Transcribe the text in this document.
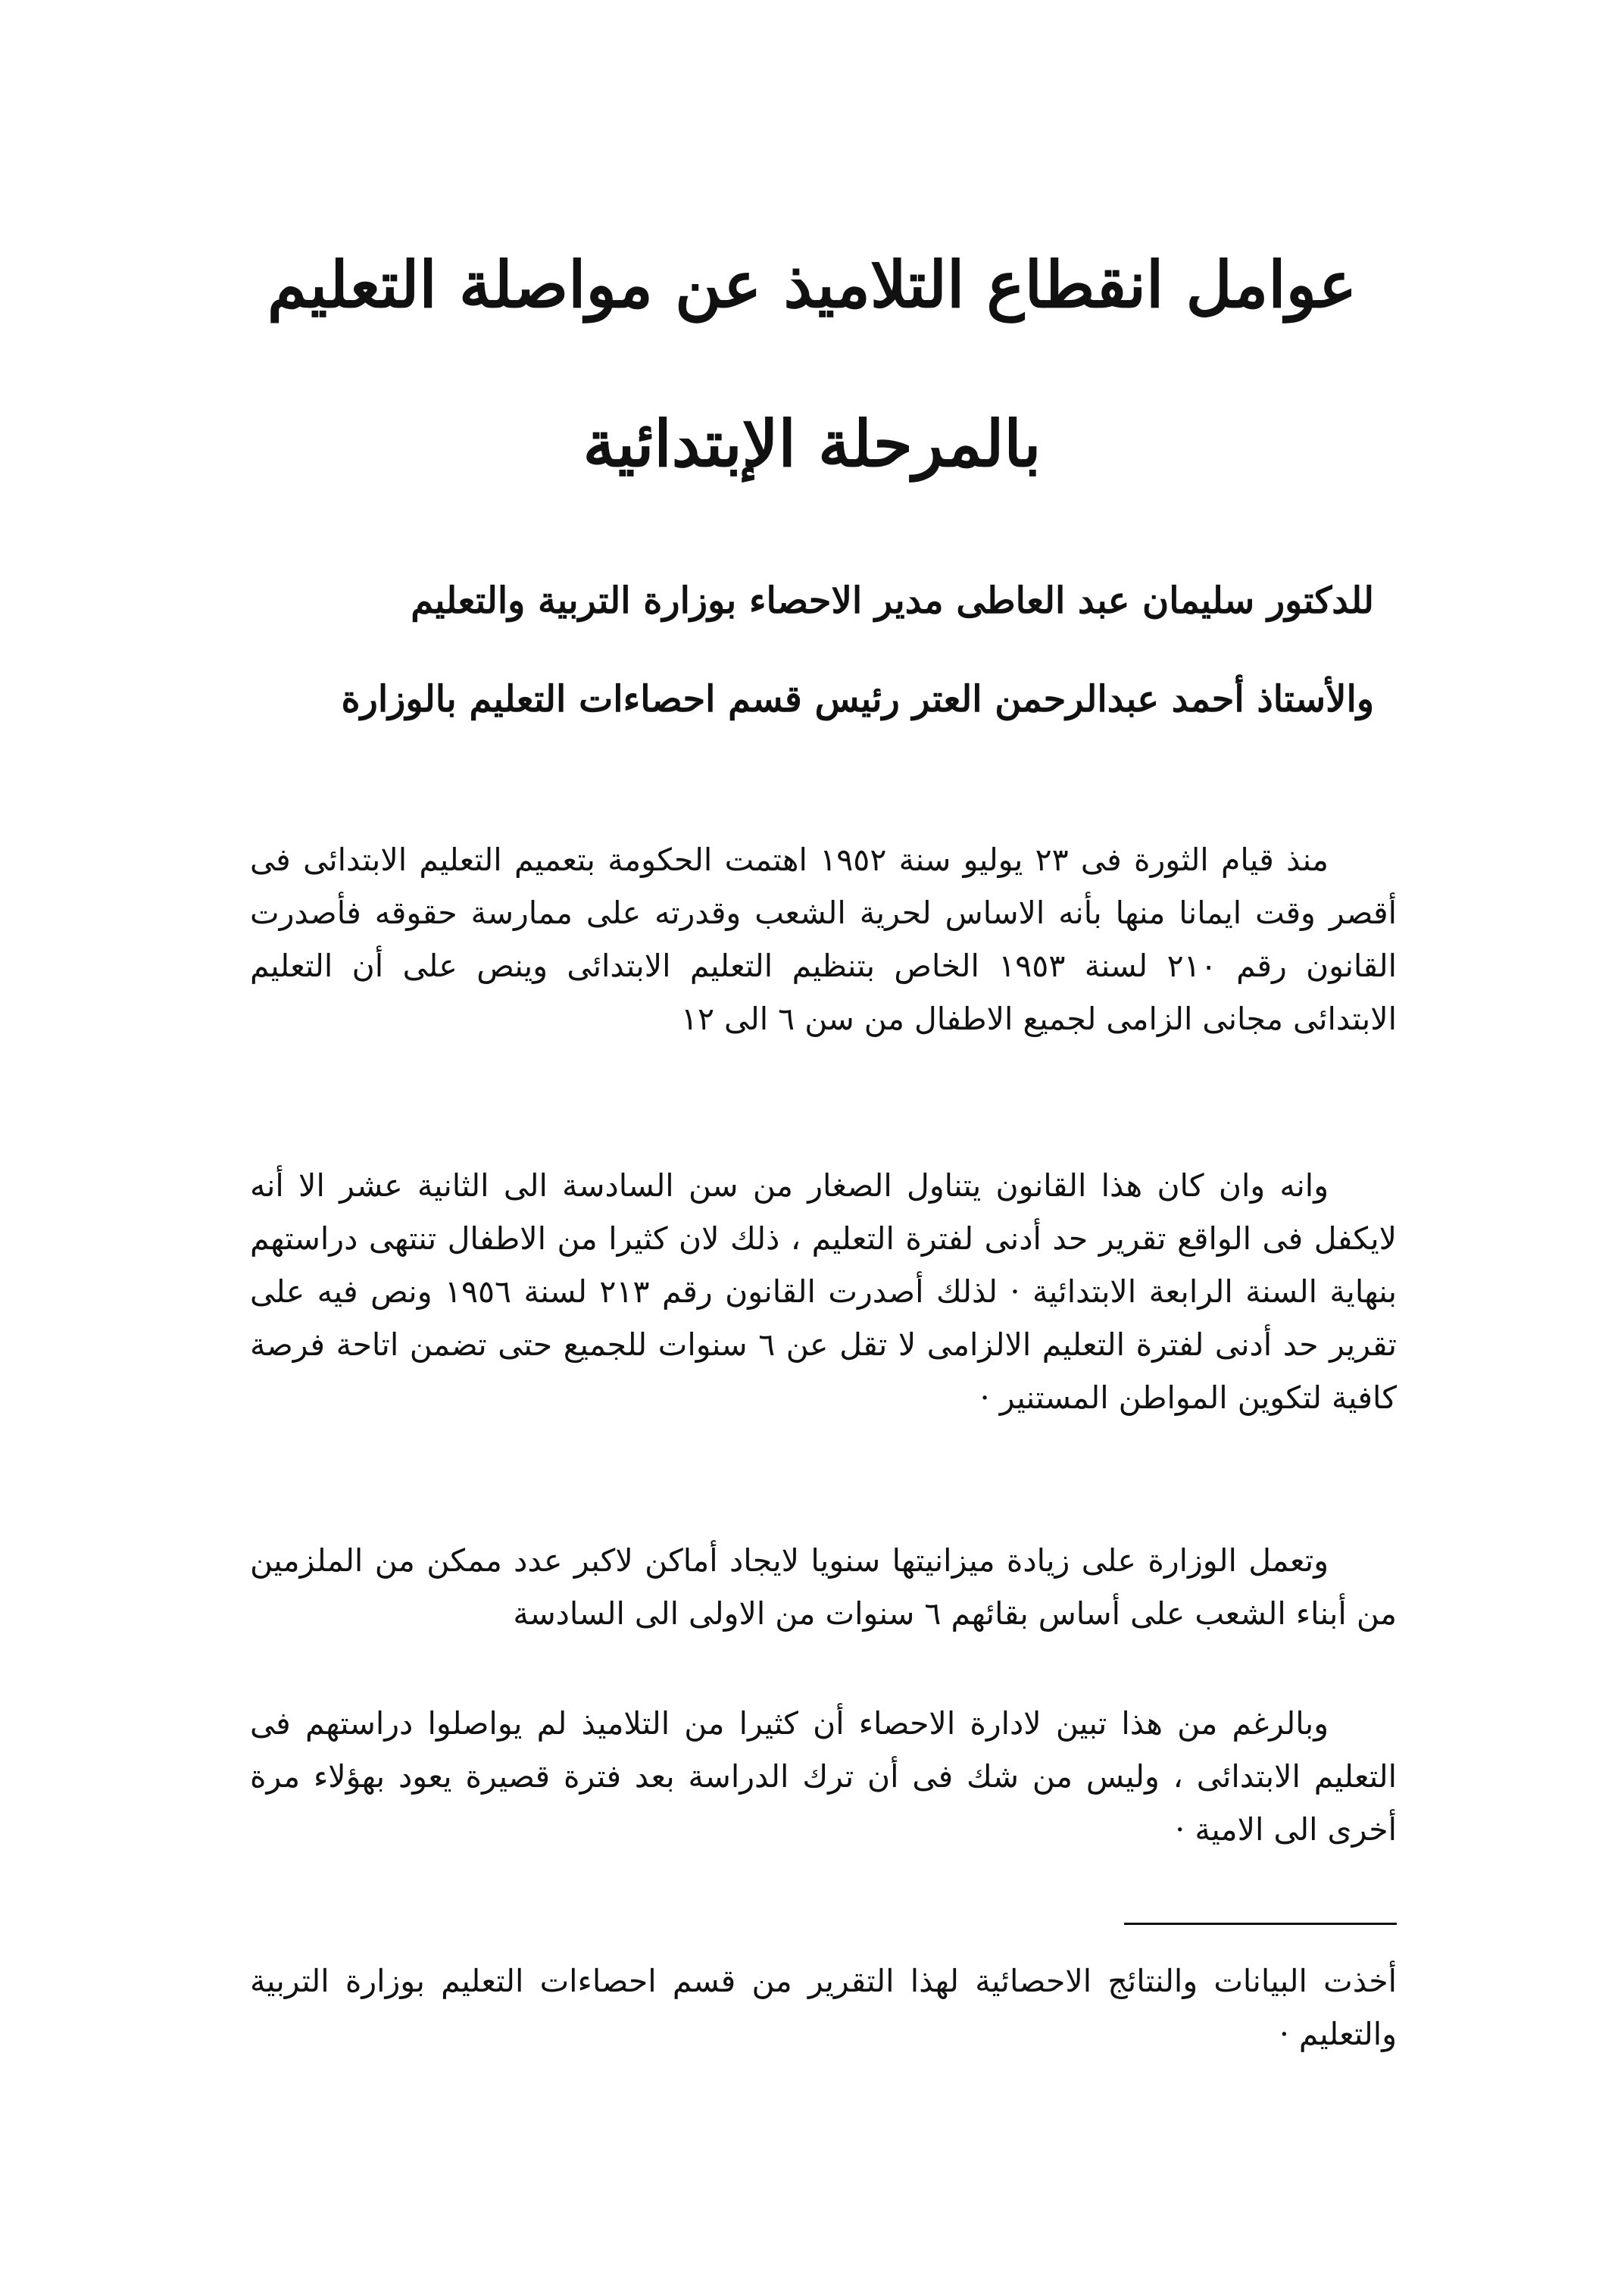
عوامل انقطاع التلاميذ عن مواصلة التعليم
بالمرحلة الإبتدائية

للدكتور سليمان عبد العاطى مدير الاحصاء بوزارة التربية والتعليم

والأستاذ أحمد عبدالرحمن العتر رئيس قسم احصاءات التعليم بالوزارة

منذ قيام الثورة فى ٢٣ يوليو سنة ١٩٥٢ اهتمت الحكومة بتعميم التعليم الابتدائى فى أقصر وقت ايمانا منها بأنه الاساس لحرية الشعب وقدرته على ممارسة حقوقه فأصدرت القانون رقم ٢١٠ لسنة ١٩٥٣ الخاص بتنظيم التعليم الابتدائى وينص على أن التعليم الابتدائى مجانى الزامى لجميع الاطفال من سن ٦ الى ١٢

وانه وان كان هذا القانون يتناول الصغار من سن السادسة الى الثانية عشر الا أنه لايكفل فى الواقع تقرير حد أدنى لفترة التعليم ، ذلك لان كثيرا من الاطفال تنتهى دراستهم بنهاية السنة الرابعة الابتدائية · لذلك أصدرت القانون رقم ٢١٣ لسنة ١٩٥٦ ونص فيه على تقرير حد أدنى لفترة التعليم الالزامى لا تقل عن ٦ سنوات للجميع حتى تضمن اتاحة فرصة كافية لتكوين المواطن المستنير ·

وتعمل الوزارة على زيادة ميزانيتها سنويا لايجاد أماكن لاكبر عدد ممكن من الملزمين من أبناء الشعب على أساس بقائهم ٦ سنوات من الاولى الى السادسة

وبالرغم من هذا تبين لادارة الاحصاء أن كثيرا من التلاميذ لم يواصلوا دراستهم فى التعليم الابتدائى ، وليس من شك فى أن ترك الدراسة بعد فترة قصيرة يعود بهؤلاء مرة أخرى الى الامية ·

أخذت البيانات والنتائج الاحصائية لهذا التقرير من قسم احصاءات التعليم بوزارة التربية والتعليم ·
